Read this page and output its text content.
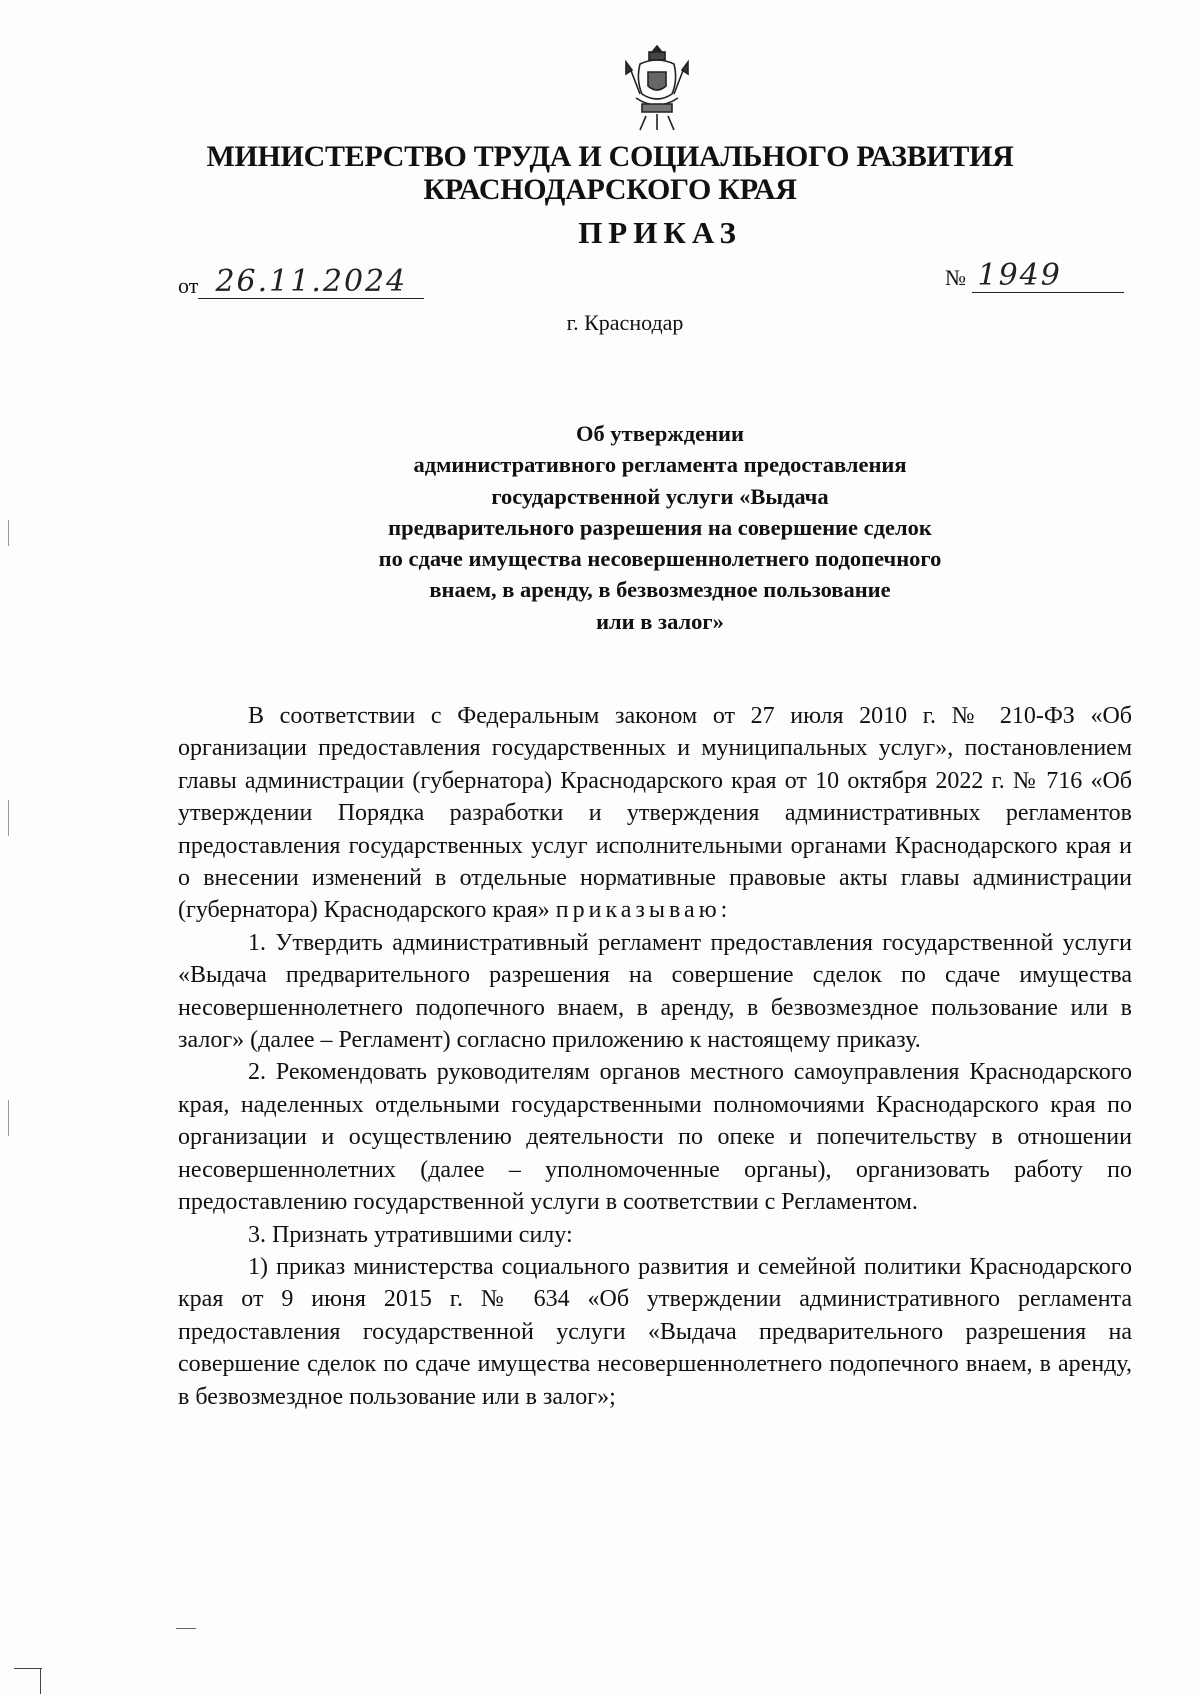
МИНИСТЕРСТВО ТРУДА И СОЦИАЛЬНОГО РАЗВИТИЯ
КРАСНОДАРСКОГО КРАЯ
ПРИКАЗ
от 26.11.2024	№ 1949
г. Краснодар
Об утверждении
административного регламента предоставления
государственной услуги «Выдача
предварительного разрешения на совершение сделок
по сдаче имущества несовершеннолетнего подопечного
внаем, в аренду, в безвозмездное пользование
или в залог»

В соответствии с Федеральным законом от 27 июля 2010 г. № 210-ФЗ «Об организации предоставления государственных и муниципальных услуг», постановлением главы администрации (губернатора) Краснодарского края от 10 октября 2022 г. № 716 «Об утверждении Порядка разработки и утверждения административных регламентов предоставления государственных услуг исполнительными органами Краснодарского края и о внесении изменений в отдельные нормативные правовые акты главы администрации (губернатора) Краснодарского края» приказываю:

1. Утвердить административный регламент предоставления государственной услуги «Выдача предварительного разрешения на совершение сделок по сдаче имущества несовершеннолетнего подопечного внаем, в аренду, в безвозмездное пользование или в залог» (далее – Регламент) согласно приложению к настоящему приказу.

2. Рекомендовать руководителям органов местного самоуправления Краснодарского края, наделенных отдельными государственными полномочиями Краснодарского края по организации и осуществлению деятельности по опеке и попечительству в отношении несовершеннолетних (далее – уполномоченные органы), организовать работу по предоставлению государственной услуги в соответствии с Регламентом.

3. Признать утратившими силу:

1) приказ министерства социального развития и семейной политики Краснодарского края от 9 июня 2015 г. № 634 «Об утверждении административного регламента предоставления государственной услуги «Выдача предварительного разрешения на совершение сделок по сдаче имущества несовершеннолетнего подопечного внаем, в аренду, в безвозмездное пользование или в залог»;
